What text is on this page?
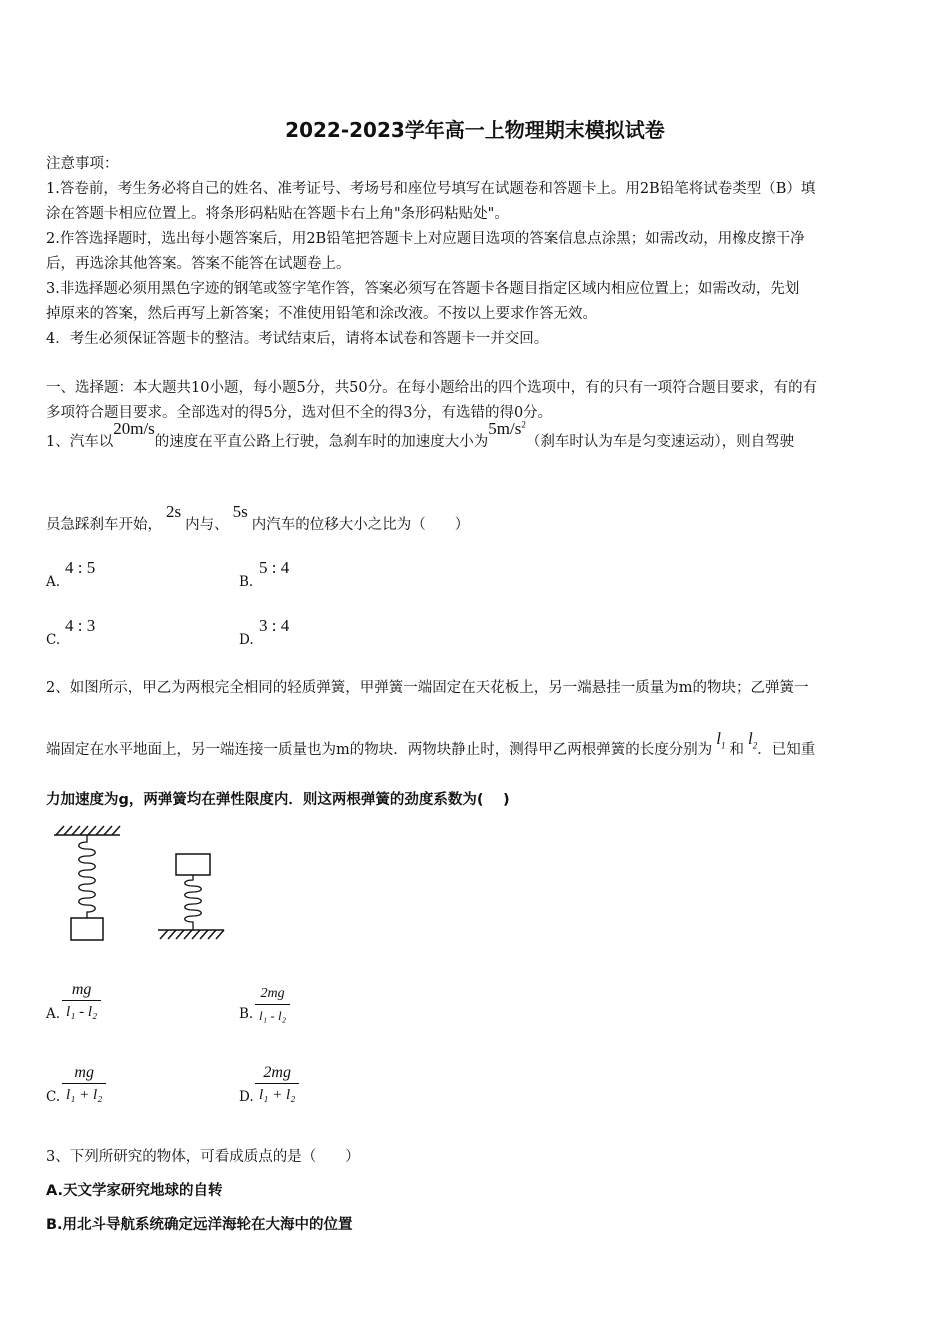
2022-2023学年高一上物理期末模拟试卷
注意事项：
1.答卷前，考生务必将自己的姓名、准考证号、考场号和座位号填写在试题卷和答题卡上。用2B铅笔将试卷类型（B）填
涂在答题卡相应位置上。将条形码粘贴在答题卡右上角"条形码粘贴处"。
2.作答选择题时，选出每小题答案后，用2B铅笔把答题卡上对应题目选项的答案信息点涂黑；如需改动，用橡皮擦干净
后，再选涂其他答案。答案不能答在试题卷上。
3.非选择题必须用黑色字迹的钢笔或签字笔作答，答案必须写在答题卡各题目指定区域内相应位置上；如需改动，先划
掉原来的答案，然后再写上新答案；不准使用铅笔和涂改液。不按以上要求作答无效。
4．考生必须保证答题卡的整洁。考试结束后，请将本试卷和答题卡一并交回。
一、选择题：本大题共10小题，每小题5分，共50分。在每小题给出的四个选项中，有的只有一项符合题目要求，有的有
多项符合题目要求。全部选对的得5分，选对但不全的得3分，有选错的得0分。
1、汽车以20m/s的速度在平直公路上行驶，急刹车时的加速度大小为$5m/s^2$（刹车时认为车是匀变速运动），则自驾驶
员急踩刹车开始，2s内与、5s内汽车的位移大小之比为（　　）
A.
4 : 5
B.
5 : 4
C.
4 : 3
D.
3 : 4
2、如图所示，甲乙为两根完全相同的轻质弹簧，甲弹簧一端固定在天花板上，另一端悬挂一质量为m的物块；乙弹簧一
端固定在水平地面上，另一端连接一质量也为m的物块．两物块静止时，测得甲乙两根弹簧的长度分别为$l_1$ 和$l_2$．已知重
力加速度为g，两弹簧均在弹性限度内．则这两根弹簧的劲度系数为(　 )
A. $\frac{mg}{\text{l₁ - l₂}}$	B. $\frac{2mg}{\text{l₁ - l₂}}$
C. $\frac{mg}{\text{l₁ + l₂}}$	D. $\frac{2mg}{\text{l₁ + l₂}}$
3、下列所研究的物体，可看成质点的是（　　）
A.天文学家研究地球的自转
B.用北斗导航系统确定远洋海轮在大海中的位置
